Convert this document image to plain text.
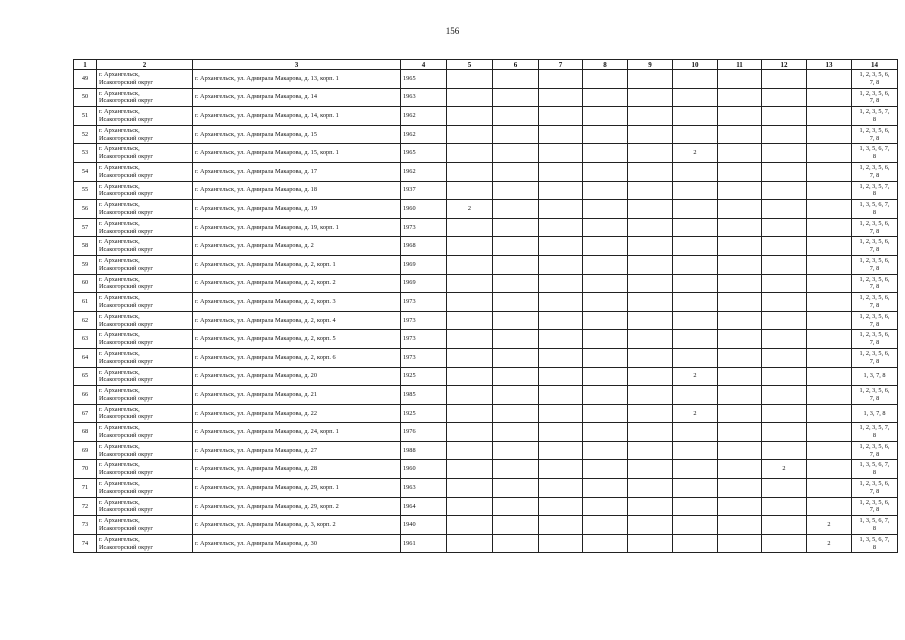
156
1	2	3	4	5	6	7	8	9	10	11	12	13	14
49	г. Архангельск,
Исакогорский округ	г. Архангельск, ул. Адмирала Макарова, д. 13, корп. 1	1965										1, 2, 3, 5, 6,
7, 8
50	г. Архангельск,
Исакогорский округ	г. Архангельск, ул. Адмирала Макарова, д. 14	1963										1, 2, 3, 5, 6,
7, 8
51	г. Архангельск,
Исакогорский округ	г. Архангельск, ул. Адмирала Макарова, д. 14, корп. 1	1962										1, 2, 3, 5, 7,
8
52	г. Архангельск,
Исакогорский округ	г. Архангельск, ул. Адмирала Макарова, д. 15	1962										1, 2, 3, 5, 6,
7, 8
53	г. Архангельск,
Исакогорский округ	г. Архангельск, ул. Адмирала Макарова, д. 15, корп. 1	1965						2				1, 3, 5, 6, 7,
8
54	г. Архангельск,
Исакогорский округ	г. Архангельск, ул. Адмирала Макарова, д. 17	1962										1, 2, 3, 5, 6,
7, 8
55	г. Архангельск,
Исакогорский округ	г. Архангельск, ул. Адмирала Макарова, д. 18	1937										1, 2, 3, 5, 7,
8
56	г. Архангельск,
Исакогорский округ	г. Архангельск, ул. Адмирала Макарова, д. 19	1960	2									1, 3, 5, 6, 7,
8
57	г. Архангельск,
Исакогорский округ	г. Архангельск, ул. Адмирала Макарова, д. 19, корп. 1	1973										1, 2, 3, 5, 6,
7, 8
58	г. Архангельск,
Исакогорский округ	г. Архангельск, ул. Адмирала Макарова, д. 2	1968										1, 2, 3, 5, 6,
7, 8
59	г. Архангельск,
Исакогорский округ	г. Архангельск, ул. Адмирала Макарова, д. 2, корп. 1	1969										1, 2, 3, 5, 6,
7, 8
60	г. Архангельск,
Исакогорский округ	г. Архангельск, ул. Адмирала Макарова, д. 2, корп. 2	1969										1, 2, 3, 5, 6,
7, 8
61	г. Архангельск,
Исакогорский округ	г. Архангельск, ул. Адмирала Макарова, д. 2, корп. 3	1973										1, 2, 3, 5, 6,
7, 8
62	г. Архангельск,
Исакогорский округ	г. Архангельск, ул. Адмирала Макарова, д. 2, корп. 4	1973										1, 2, 3, 5, 6,
7, 8
63	г. Архангельск,
Исакогорский округ	г. Архангельск, ул. Адмирала Макарова, д. 2, корп. 5	1973										1, 2, 3, 5, 6,
7, 8
64	г. Архангельск,
Исакогорский округ	г. Архангельск, ул. Адмирала Макарова, д. 2, корп. 6	1973										1, 2, 3, 5, 6,
7, 8
65	г. Архангельск,
Исакогорский округ	г. Архангельск, ул. Адмирала Макарова, д. 20	1925						2				1, 3, 7, 8
66	г. Архангельск,
Исакогорский округ	г. Архангельск, ул. Адмирала Макарова, д. 21	1985										1, 2, 3, 5, 6,
7, 8
67	г. Архангельск,
Исакогорский округ	г. Архангельск, ул. Адмирала Макарова, д. 22	1925						2				1, 3, 7, 8
68	г. Архангельск,
Исакогорский округ	г. Архангельск, ул. Адмирала Макарова, д. 24, корп. 1	1976										1, 2, 3, 5, 7,
8
69	г. Архангельск,
Исакогорский округ	г. Архангельск, ул. Адмирала Макарова, д. 27	1988										1, 2, 3, 5, 6,
7, 8
70	г. Архангельск,
Исакогорский округ	г. Архангельск, ул. Адмирала Макарова, д. 28	1960								2		1, 3, 5, 6, 7,
8
71	г. Архангельск,
Исакогорский округ	г. Архангельск, ул. Адмирала Макарова, д. 29, корп. 1	1963										1, 2, 3, 5, 6,
7, 8
72	г. Архангельск,
Исакогорский округ	г. Архангельск, ул. Адмирала Макарова, д. 29, корп. 2	1964										1, 2, 3, 5, 6,
7, 8
73	г. Архангельск,
Исакогорский округ	г. Архангельск, ул. Адмирала Макарова, д. 3, корп. 2	1940									2	1, 3, 5, 6, 7,
8
74	г. Архангельск,
Исакогорский округ	г. Архангельск, ул. Адмирала Макарова, д. 30	1961									2	1, 3, 5, 6, 7,
8
